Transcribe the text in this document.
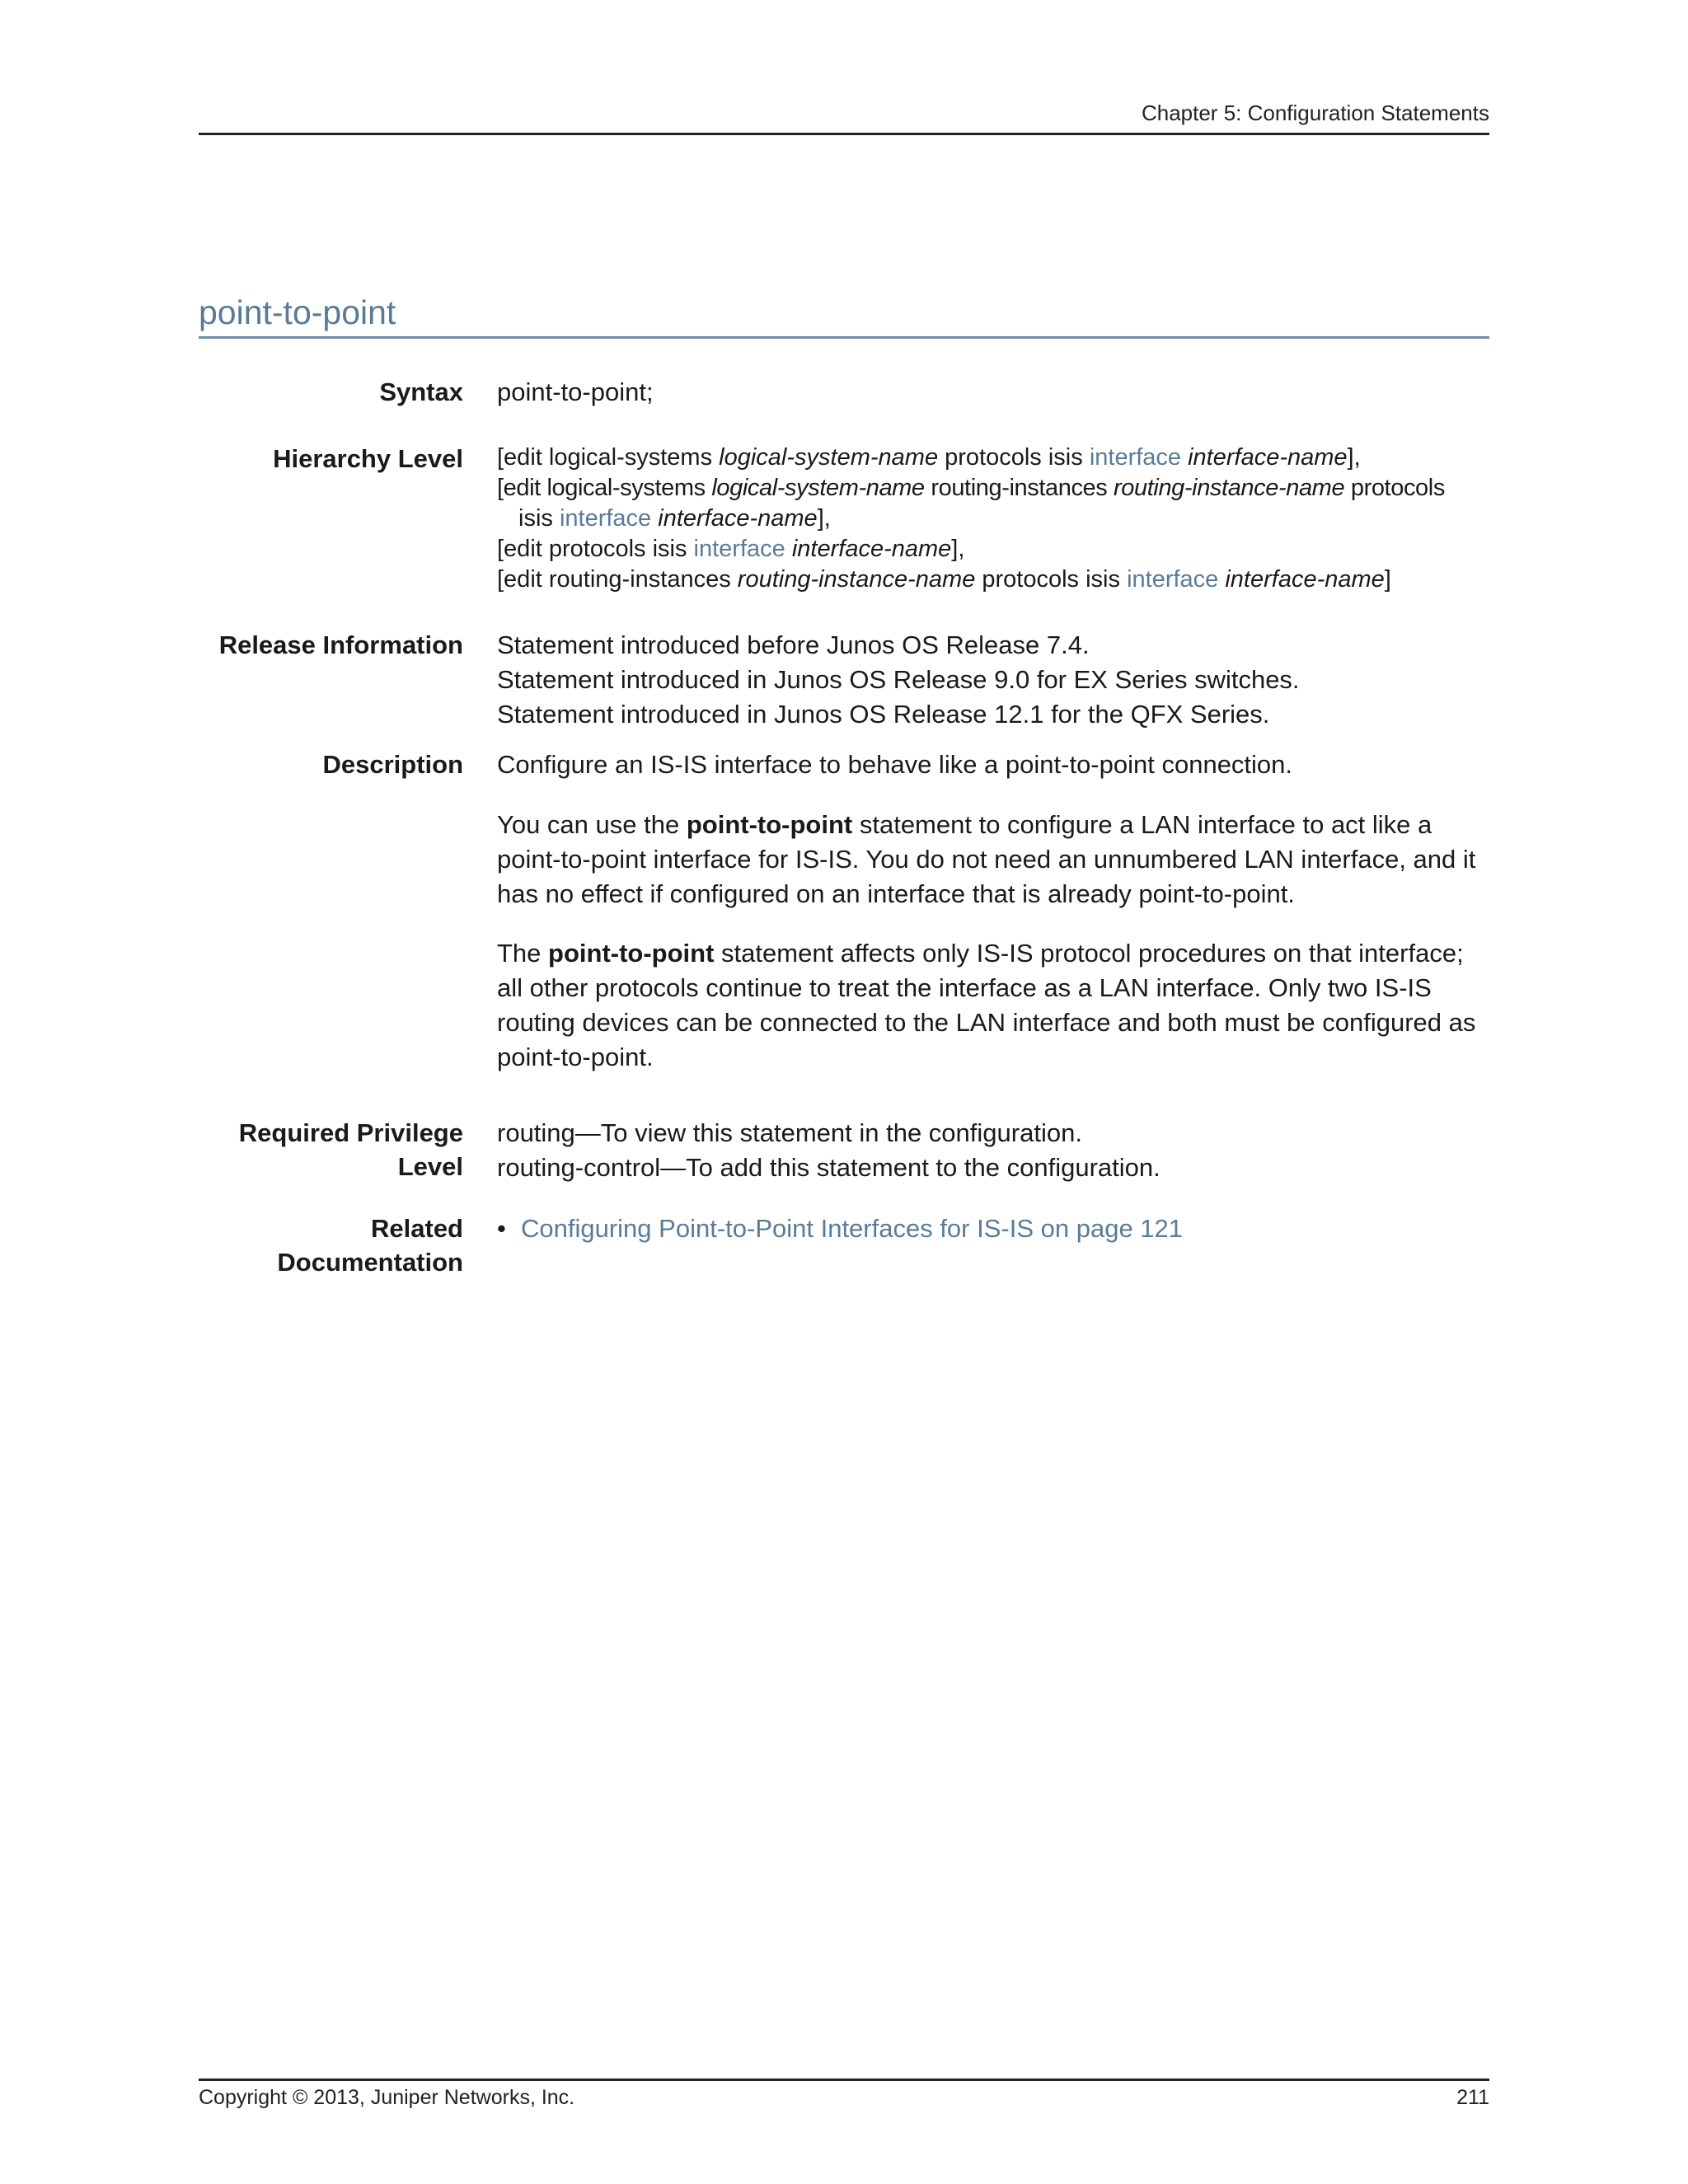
Chapter 5: Configuration Statements
point-to-point
Syntax point-to-point;
Hierarchy Level [edit logical-systems logical-system-name protocols isis interface interface-name],
[edit logical-systems logical-system-name routing-instances routing-instance-name protocols
isis interface interface-name],
[edit protocols isis interface interface-name],
[edit routing-instances routing-instance-name protocols isis interface interface-name]
Release Information Statement introduced before Junos OS Release 7.4.

Statement introduced in Junos OS Release 9.0 for EX Series switches.

Statement introduced in Junos OS Release 12.1 for the QFX Series.

Description Configure an IS-IS interface to behave like a point-to-point connection.

You can use the point-to-point statement to configure a LAN interface to act like a point-to-point interface for IS-IS. You do not need an unnumbered LAN interface, and it has no effect if configured on an interface that is already point-to-point.

The point-to-point statement affects only IS-IS protocol procedures on that interface; all other protocols continue to treat the interface as a LAN interface. Only two IS-IS routing devices can be connected to the LAN interface and both must be configured as point-to-point.

Required Privilege
Level

routing—To view this statement in the configuration.

routing-control—To add this statement to the configuration.

Related
Documentation
• Configuring Point-to-Point Interfaces for IS-IS on page 121
Copyright © 2013, Juniper Networks, Inc.	211
